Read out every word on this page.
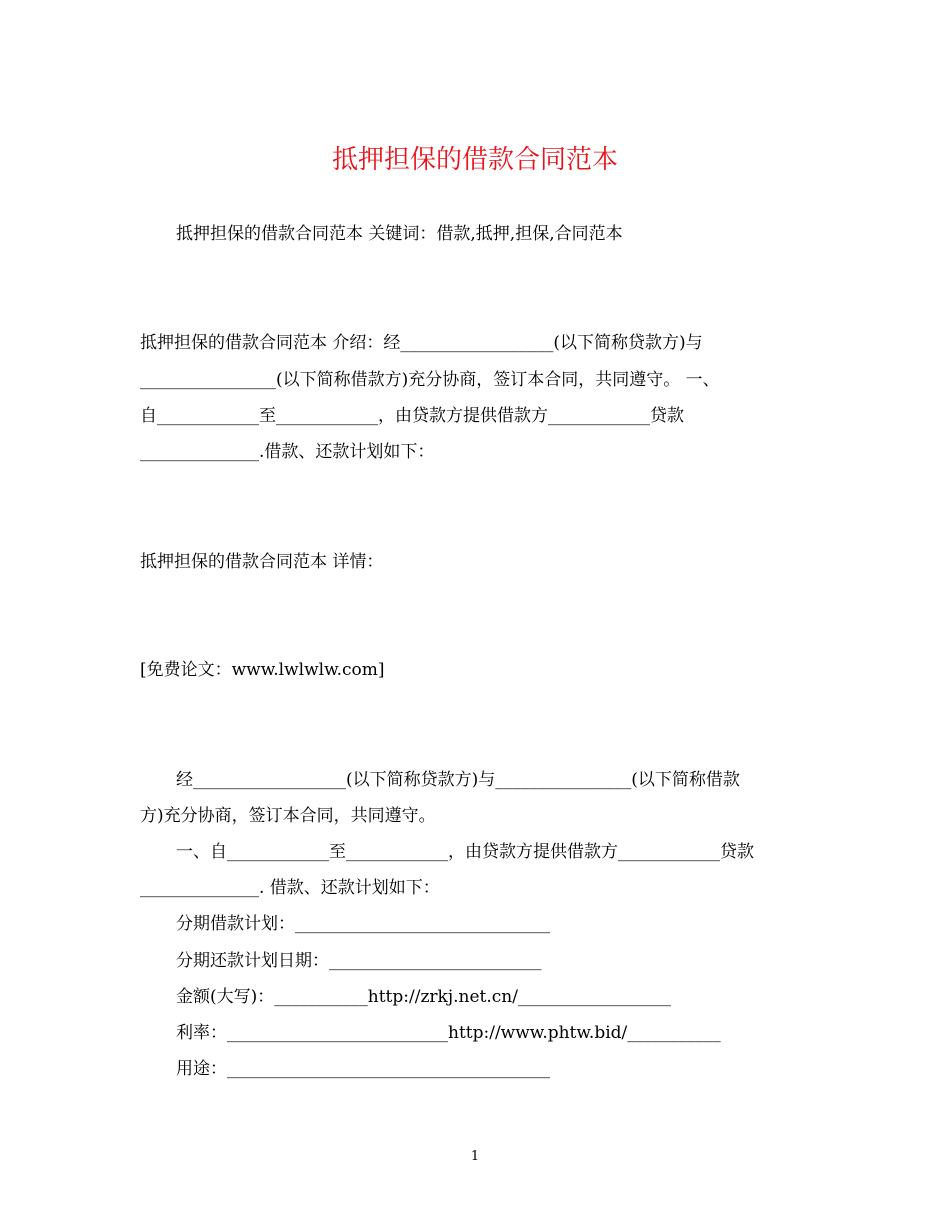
抵押担保的借款合同范本
抵押担保的借款合同范本 关键词：借款,抵押,担保,合同范本
抵押担保的借款合同范本 介绍：经__________________(以下简称贷款方)与
________________(以下简称借款方)充分协商，签订本合同，共同遵守。 一、
自____________至____________，由贷款方提供借款方____________贷款
______________.借款、还款计划如下：
抵押担保的借款合同范本 详情：
[免费论文：www.lwlwlw.com]
经__________________(以下简称贷款方)与________________(以下简称借款
方)充分协商，签订本合同，共同遵守。
一、自____________至____________，由贷款方提供借款方____________贷款
______________. 借款、还款计划如下：
分期借款计划：______________________________
分期还款计划日期：_________________________
金额(大写)：___________http://zrkj.net.cn/__________________
利率：__________________________http://www.phtw.bid/___________
用途：______________________________________
1
